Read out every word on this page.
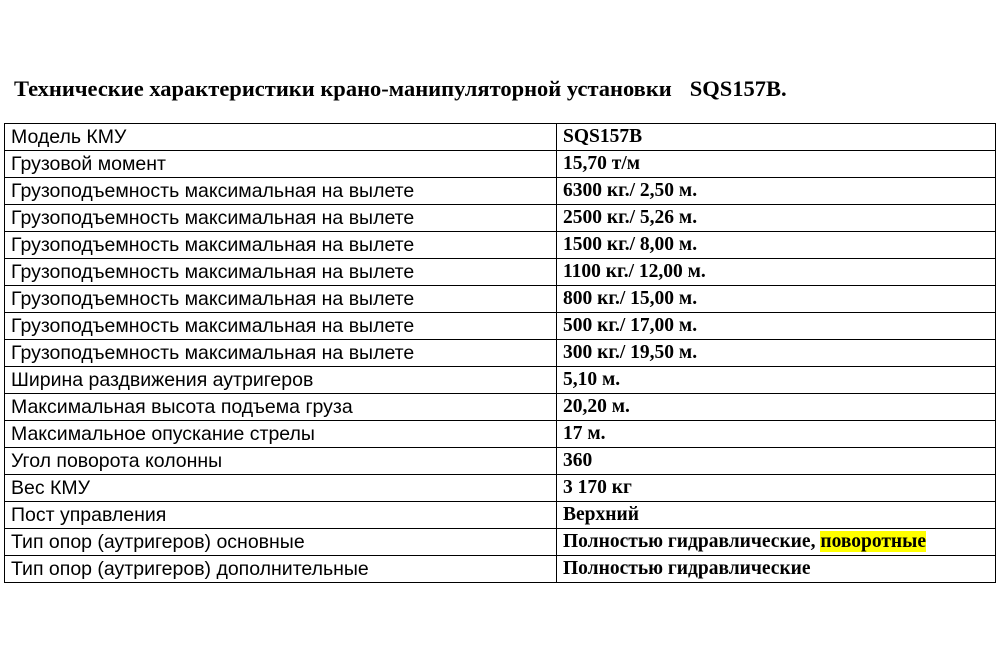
Технические характеристики крано-манипуляторной установки SQS157B.
Модель КМУ	SQS157B
Грузовой момент	15,70 т/м
Грузоподъемность максимальная на вылете	6300 кг./ 2,50 м.
Грузоподъемность максимальная на вылете	2500 кг./ 5,26 м.
Грузоподъемность максимальная на вылете	1500 кг./ 8,00 м.
Грузоподъемность максимальная на вылете	1100 кг./ 12,00 м.
Грузоподъемность максимальная на вылете	800 кг./ 15,00 м.
Грузоподъемность максимальная на вылете	500 кг./ 17,00 м.
Грузоподъемность максимальная на вылете	300 кг./ 19,50 м.
Ширина раздвижения аутригеров	5,10 м.
Максимальная высота подъема груза	20,20 м.
Максимальное опускание стрелы	17 м.
Угол поворота колонны	360
Вес КМУ	3 170 кг
Пост управления	Верхний
Тип опор (аутригеров) основные	Полностью гидравлические, поворотные
Тип опор (аутригеров) дополнительные	Полностью гидравлические
